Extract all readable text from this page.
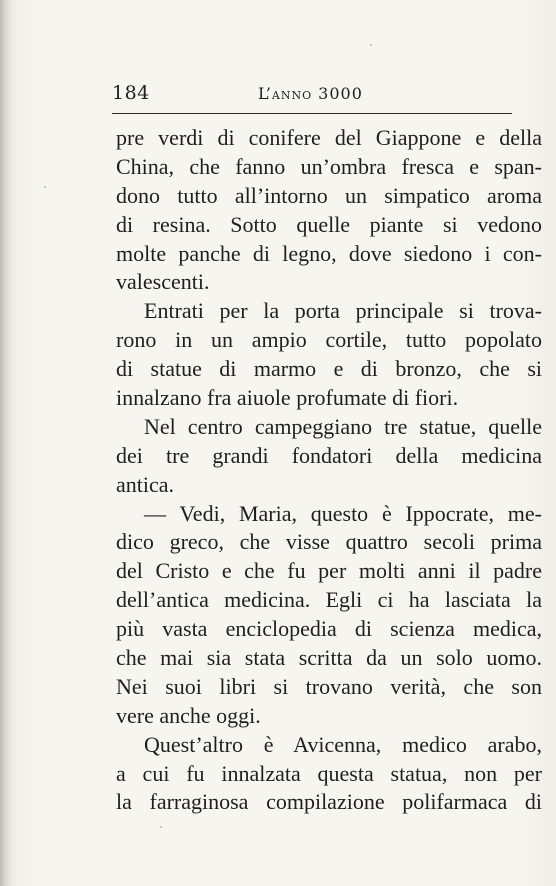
184	L’anno 3000
pre verdi di conifere del Giappone e della
China, che fanno un’ombra fresca e span-
dono tutto all’intorno un simpatico aroma
di resina. Sotto quelle piante si vedono
molte panche di legno, dove siedono i con-
valescenti.
Entrati per la porta principale si trova-
rono in un ampio cortile, tutto popolato
di statue di marmo e di bronzo, che si
innalzano fra aiuole profumate di fiori.
Nel centro campeggiano tre statue, quelle
dei tre grandi fondatori della medicina
antica.
— Vedi, Maria, questo è Ippocrate, me-
dico greco, che visse quattro secoli prima
del Cristo e che fu per molti anni il padre
dell’antica medicina. Egli ci ha lasciata la
più vasta enciclopedia di scienza medica,
che mai sia stata scritta da un solo uomo.
Nei suoi libri si trovano verità, che son
vere anche oggi.
Quest’altro è Avicenna, medico arabo,
a cui fu innalzata questa statua, non per
la farraginosa compilazione polifarmaca di
